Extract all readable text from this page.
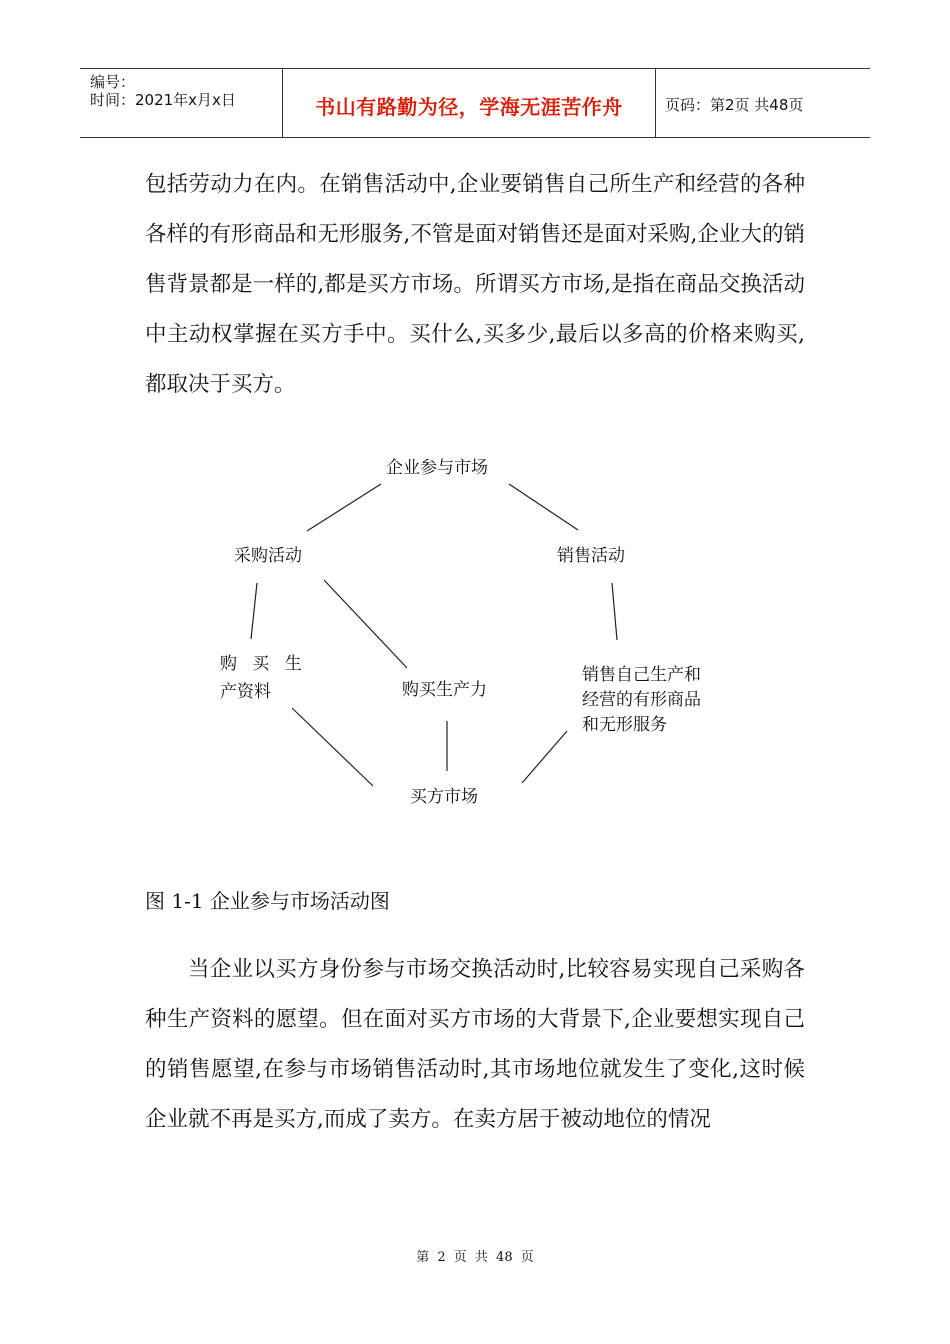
编号：
时间：2021年x月x日	书山有路勤为径，学海无涯苦作舟	页码：第2页 共48页

包括劳动力在内。在销售活动中,企业要销售自己所生产和经营的各种各样的有形商品和无形服务,不管是面对销售还是面对采购,企业大的销售背景都是一样的,都是买方市场。所谓买方市场,是指在商品交换活动中主动权掌握在买方手中。买什么,买多少,最后以多高的价格来购买,都取决于买方。

企业参与市场
采购活动	销售活动
购 买 生
产资料	购买生产力
销售自己生产和
经营的有形商品
和无形服务
买方市场
图 1-1 企业参与市场活动图

当企业以买方身份参与市场交换活动时,比较容易实现自己采购各种生产资料的愿望。但在面对买方市场的大背景下,企业要想实现自己的销售愿望,在参与市场销售活动时,其市场地位就发生了变化,这时候企业就不再是买方,而成了卖方。在卖方居于被动地位的情况

第 2 页 共 48 页
